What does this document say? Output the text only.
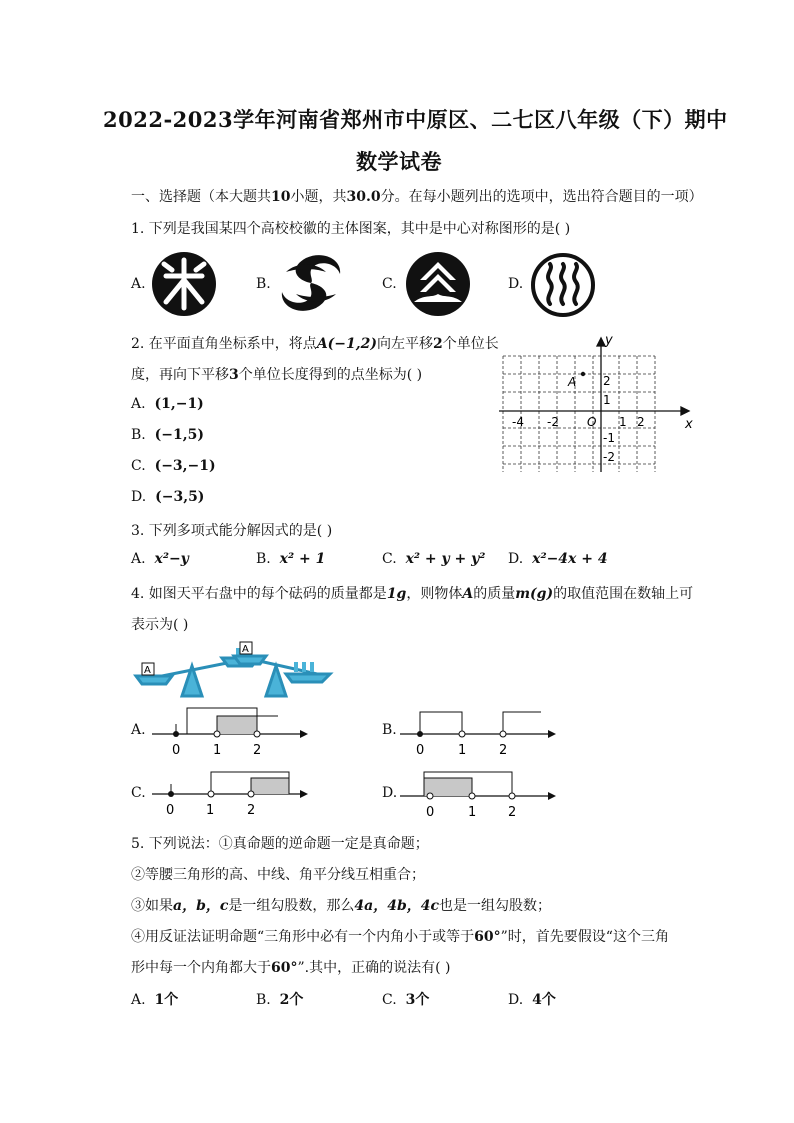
2022-2023学年河南省郑州市中原区、二七区八年级（下）期中
数学试卷
一、选择题（本大题共10小题，共30.0分。在每小题列出的选项中，选出符合题目的一项）
1. 下列是我国某四个高校校徽的主体图案，其中是中心对称图形的是( )
A.	B.	C.	D.
2. 在平面直角坐标系中，将点A(−1,2)向左平移2个单位长
度，再向下平移3个单位长度得到的点坐标为( )
A. (1,−1)
B. (−1,5)
C. (−3,−1)
D. (−3,5)
x
y
O
A
-4 -2	1 2
2
1
-1
-2
3. 下列多项式能分解因式的是( )
A. x²−y	B. x² + 1	C. x² + y + y² D. x²−4x + 4
4. 如图天平右盘中的每个砝码的质量都是1g，则物体A的质量m(g)的取值范围在数轴上可
表示为( )
A
A
A.
0	1 2
B.
0	1	2
C.
0 1	2
D.
0	1 2
5. 下列说法：①真命题的逆命题一定是真命题；
②等腰三角形的高、中线、角平分线互相重合；
③如果a，b，c是一组勾股数，那么4a，4b，4c也是一组勾股数；
④用反证法证明命题“三角形中必有一个内角小于或等于60°”时，首先要假设“这个三角
形中每一个内角都大于60°”.其中，正确的说法有( )
A. 1个	B. 2个	C. 3个	D. 4个
